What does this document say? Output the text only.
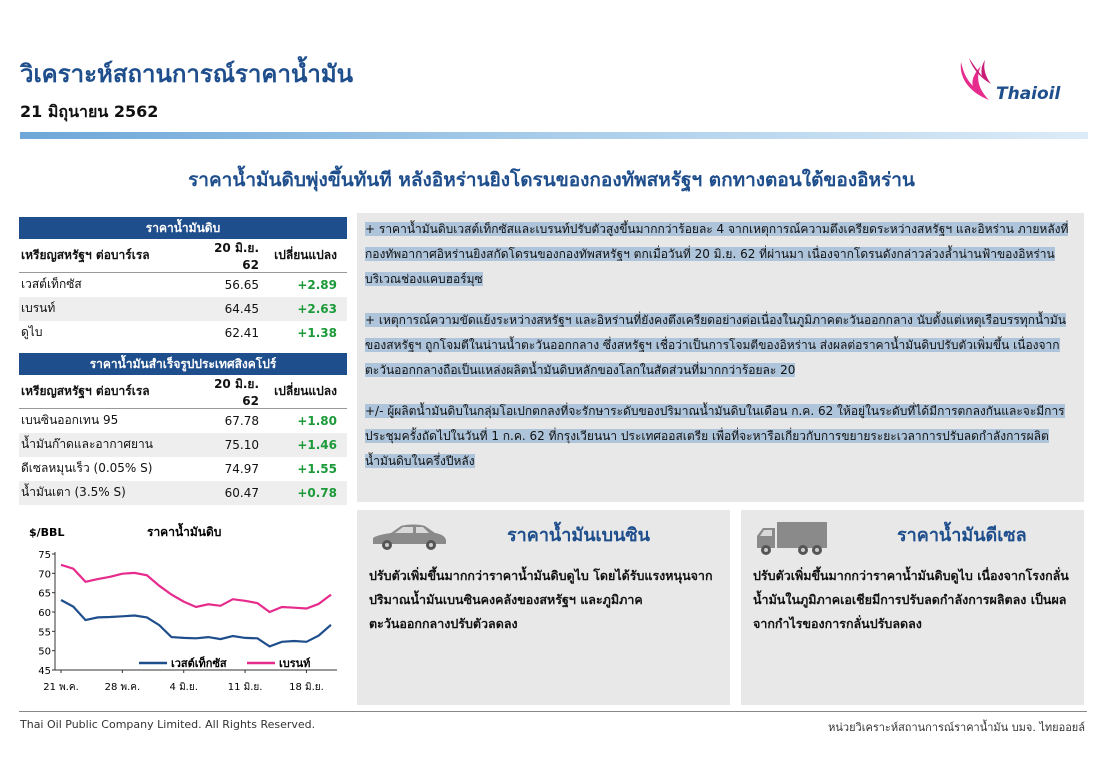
วิเคราะห์สถานการณ์ราคาน้ำมัน
21 มิถุนายน 2562
Thaioil
ราคาน้ำมันดิบพุ่งขึ้นทันที หลังอิหร่านยิงโดรนของกองทัพสหรัฐฯ ตกทางตอนใต้ของอิหร่าน
ราคาน้ำมันดิบ		
เหรียญสหรัฐฯ ต่อบาร์เรล	20 มิ.ย. 62	เปลี่ยนแปลง
เวสต์เท็กซัส	56.65	+2.89
เบรนท์	64.45	+2.63
ดูไบ	62.41	+1.38
ราคาน้ำมันสำเร็จรูปประเทศสิงคโปร์		
เหรียญสหรัฐฯ ต่อบาร์เรล	20 มิ.ย. 62	เปลี่ยนแปลง
เบนซินออกเทน 95	67.78	+1.80
น้ำมันก๊าดและอากาศยาน	75.10	+1.46
ดีเซลหมุนเร็ว (0.05% S)	74.97	+1.55
น้ำมันเตา (3.5% S)	60.47	+0.78
+ ราคาน้ำมันดิบเวสต์เท็กซัสและเบรนท์ปรับตัวสูงขึ้นมากกว่าร้อยละ 4 จากเหตุการณ์ความตึงเครียดระหว่างสหรัฐฯ และอิหร่าน ภายหลังที่กองทัพอากาศอิหร่านยิงสกัดโดรนของกองทัพสหรัฐฯ ตกเมื่อวันที่ 20 มิ.ย. 62 ที่ผ่านมา เนื่องจากโดรนดังกล่าวล่วงล้ำน่านฟ้าของอิหร่านบริเวณช่องแคบฮอร์มุซ
+ เหตุการณ์ความขัดแย้งระหว่างสหรัฐฯ และอิหร่านที่ยังคงตึงเครียดอย่างต่อเนื่องในภูมิภาคตะวันออกกลาง นับตั้งแต่เหตุเรือบรรทุกน้ำมันของสหรัฐฯ ถูกโจมตีในน่านน้ำตะวันออกกลาง ซึ่งสหรัฐฯ เชื่อว่าเป็นการโจมตีของอิหร่าน ส่งผลต่อราคาน้ำมันดิบปรับตัวเพิ่มขึ้น เนื่องจากตะวันออกกลางถือเป็นแหล่งผลิตน้ำมันดิบหลักของโลกในสัดส่วนที่มากกว่าร้อยละ 20
+/- ผู้ผลิตน้ำมันดิบในกลุ่มโอเปกตกลงที่จะรักษาระดับของปริมาณน้ำมันดิบในเดือน ก.ค. 62 ให้อยู่ในระดับที่ได้มีการตกลงกันและจะมีการประชุมครั้งถัดไปในวันที่ 1 ก.ค. 62 ที่กรุงเวียนนา ประเทศออสเตรีย เพื่อที่จะหารือเกี่ยวกับการขยายระยะเวลาการปรับลดกำลังการผลิตน้ำมันดิบในครึ่งปีหลัง
$/BBL	ราคาน้ำมันดิบ
75
70
65
60
55
50
45
21 พ.ค.	28 พ.ค.	4 มิ.ย.	11 มิ.ย.	18 มิ.ย.
เวสต์เท็กซัส	เบรนท์
ราคาน้ำมันเบนซิน
ปรับตัวเพิ่มขึ้นมากกว่าราคาน้ำมันดิบดูไบ โดยได้รับแรงหนุนจากปริมาณน้ำมันเบนซินคงคลังของสหรัฐฯ และภูมิภาคตะวันออกกลางปรับตัวลดลง
ราคาน้ำมันดีเซล
ปรับตัวเพิ่มขึ้นมากกว่าราคาน้ำมันดิบดูไบ เนื่องจากโรงกลั่นน้ำมันในภูมิภาคเอเชียมีการปรับลดกำลังการผลิตลง เป็นผลจากกำไรของการกลั่นปรับลดลง
Thai Oil Public Company Limited. All Rights Reserved.	หน่วยวิเคราะห์สถานการณ์ราคาน้ำมัน บมจ. ไทยออยล์
